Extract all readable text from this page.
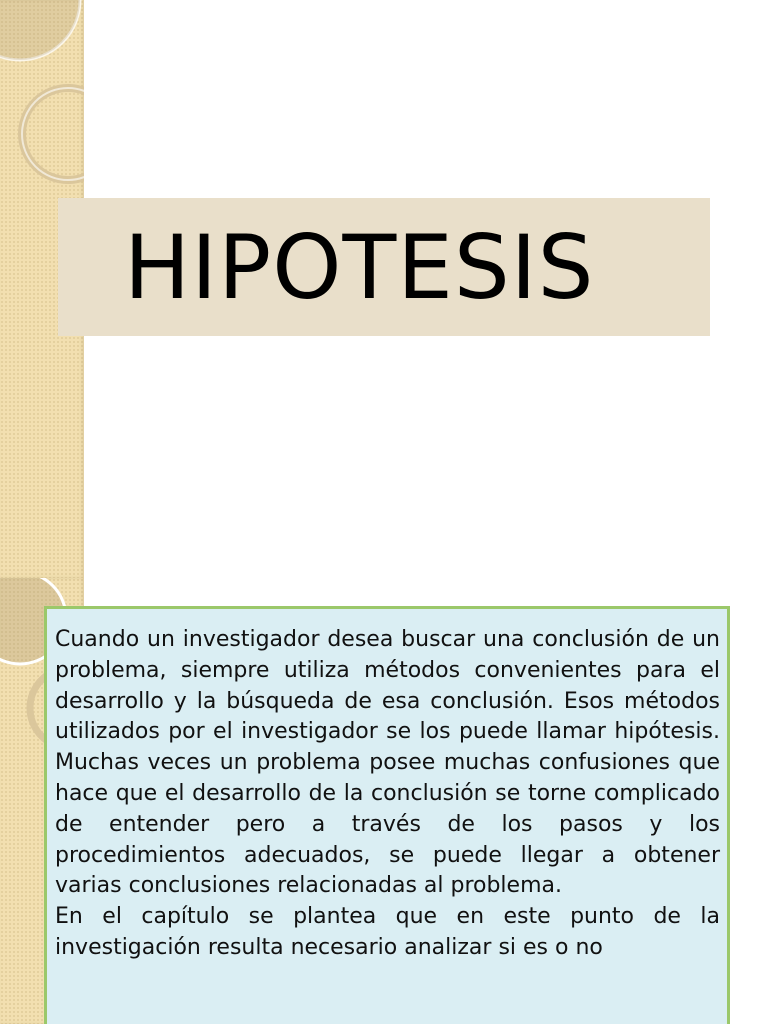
HIPOTESIS

Cuando un investigador desea buscar una conclusión de un problema, siempre utiliza métodos convenientes para el desarrollo y la búsqueda de esa conclusión. Esos métodos utilizados por el investigador se los puede llamar hipótesis. Muchas veces un problema posee muchas confusiones que hace que el desarrollo de la conclusión se torne complicado de entender pero a través de los pasos y los procedimientos adecuados, se puede llegar a obtener varias conclusiones relacionadas al problema.

En el capítulo se plantea que en este punto de la investigación resulta necesario analizar si es o no
